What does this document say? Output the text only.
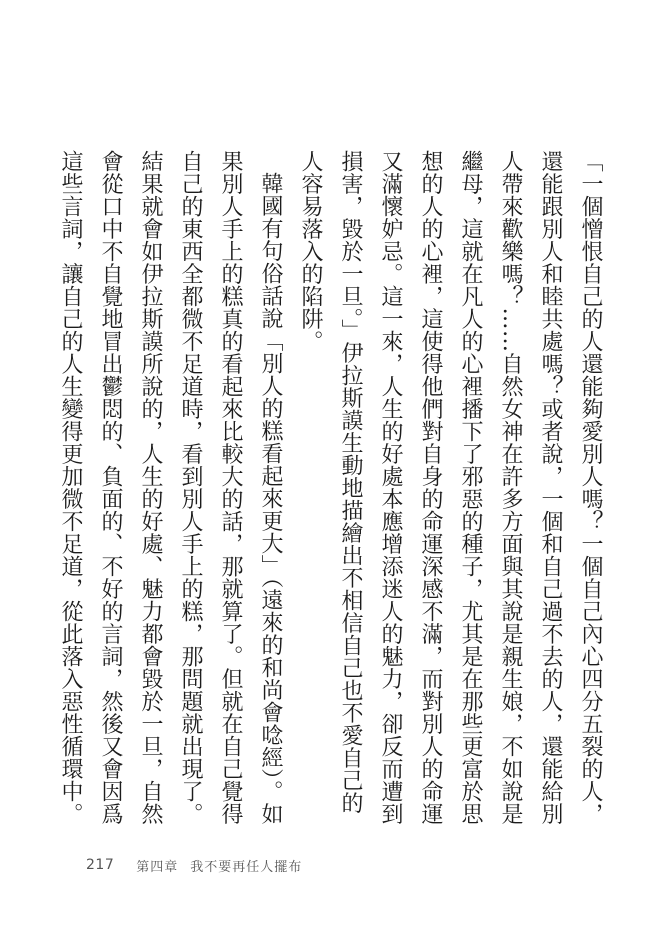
「一個憎恨自己的人還能夠愛別人嗎？一個自己內心四分五裂的人，還能跟別人和睦共處嗎？或者說，一個和自己過不去的人，還能給別人帶來歡樂嗎？……自然女神在許多方面與其說是親生娘，不如說是繼母，這就在凡人的心裡播下了邪惡的種子，尤其是在那些更富於思想的人的心裡，這使得他們對自身的命運深感不滿，而對別人的命運又滿懷妒忌。這一來，人生的好處本應增添迷人的魅力，卻反而遭到損害，毀於一旦。」伊拉斯謨生動地描繪出不相信自己也不愛自己的人容易落入的陷阱。

韓國有句俗話說「別人的糕看起來更大」（遠來的和尚會唸經）。如果別人手上的糕真的看起來比較大的話，那就算了。但就在自己覺得自己的東西全都微不足道時，看到別人手上的糕，那問題就出現了。結果就會如伊拉斯謨所說的，人生的好處、魅力都會毀於一旦，自然會從口中不自覺地冒出鬱悶的、負面的、不好的言詞，然後又會因爲這些言詞，讓自己的人生變得更加微不足道，從此落入惡性循環中。

217 第四章 我不要再任人擺布
